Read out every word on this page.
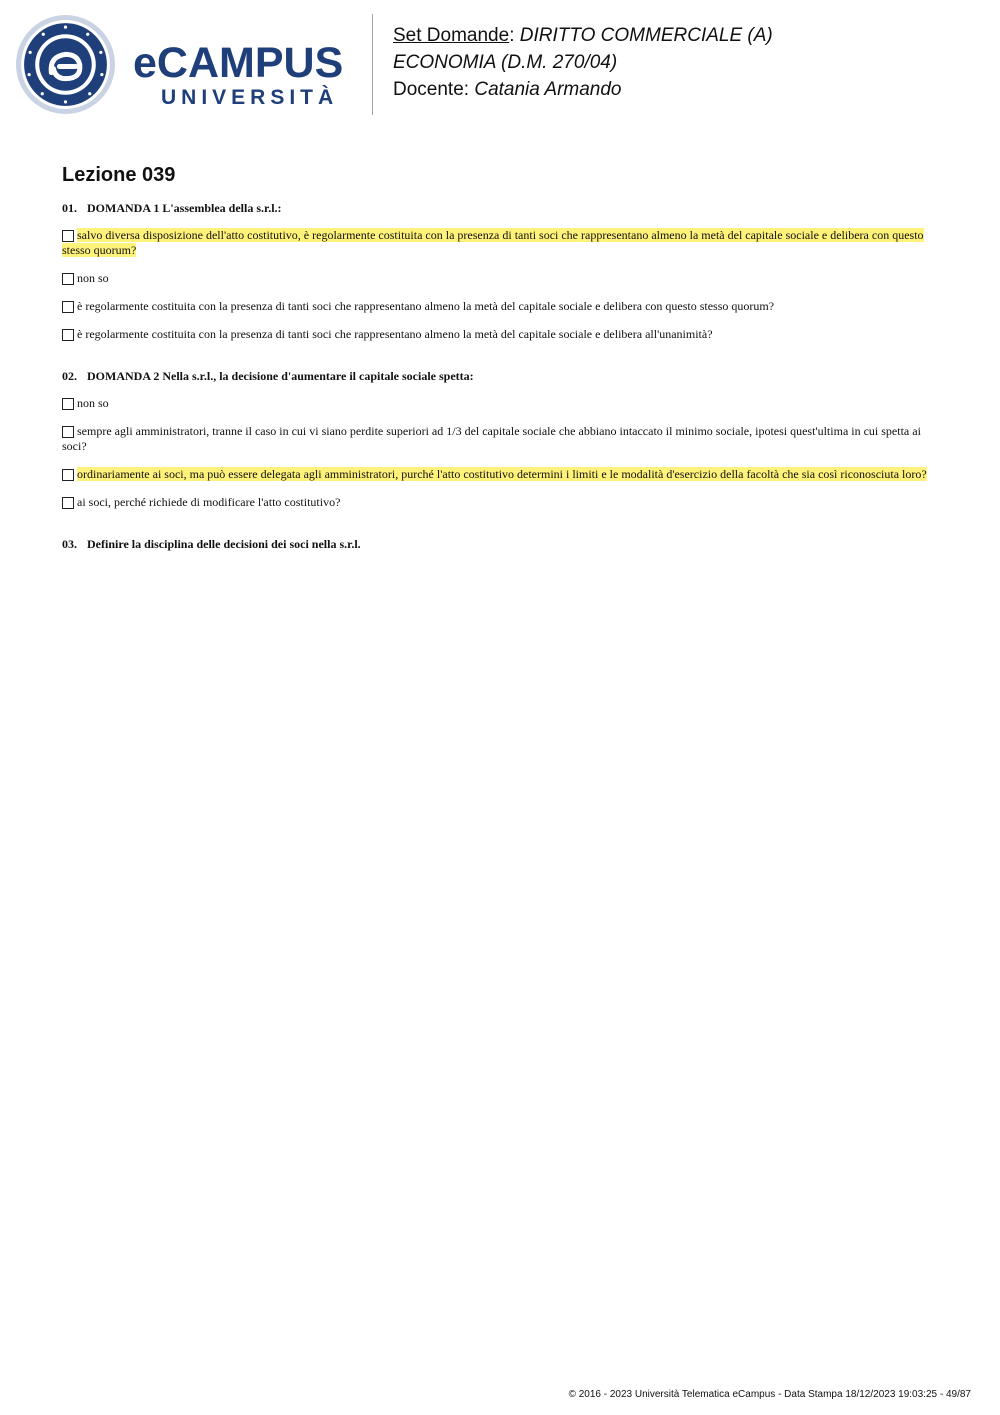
eCAMPUS
UNIVERSITÀ
Set Domande: DIRITTO COMMERCIALE (A)
ECONOMIA (D.M. 270/04)
Docente: Catania Armando
Lezione 039
01. DOMANDA 1 L'assemblea della s.r.l.:
salvo diversa disposizione dell'atto costitutivo, è regolarmente costituita con la presenza di tanti soci che rappresentano almeno la metà del capitale sociale e delibera con questo stesso quorum?
non so
è regolarmente costituita con la presenza di tanti soci che rappresentano almeno la metà del capitale sociale e delibera con questo stesso quorum?
è regolarmente costituita con la presenza di tanti soci che rappresentano almeno la metà del capitale sociale e delibera all'unanimità?
02. DOMANDA 2 Nella s.r.l., la decisione d'aumentare il capitale sociale spetta:
non so
sempre agli amministratori, tranne il caso in cui vi siano perdite superiori ad 1/3 del capitale sociale che abbiano intaccato il minimo sociale, ipotesi quest'ultima in cui spetta ai soci?
ordinariamente ai soci, ma può essere delegata agli amministratori, purché l'atto costitutivo determini i limiti e le modalità d'esercizio della facoltà che sia così riconosciuta loro?
ai soci, perché richiede di modificare l'atto costitutivo?
03. Definire la disciplina delle decisioni dei soci nella s.r.l.
© 2016 - 2023 Università Telematica eCampus - Data Stampa 18/12/2023 19:03:25 - 49/87
